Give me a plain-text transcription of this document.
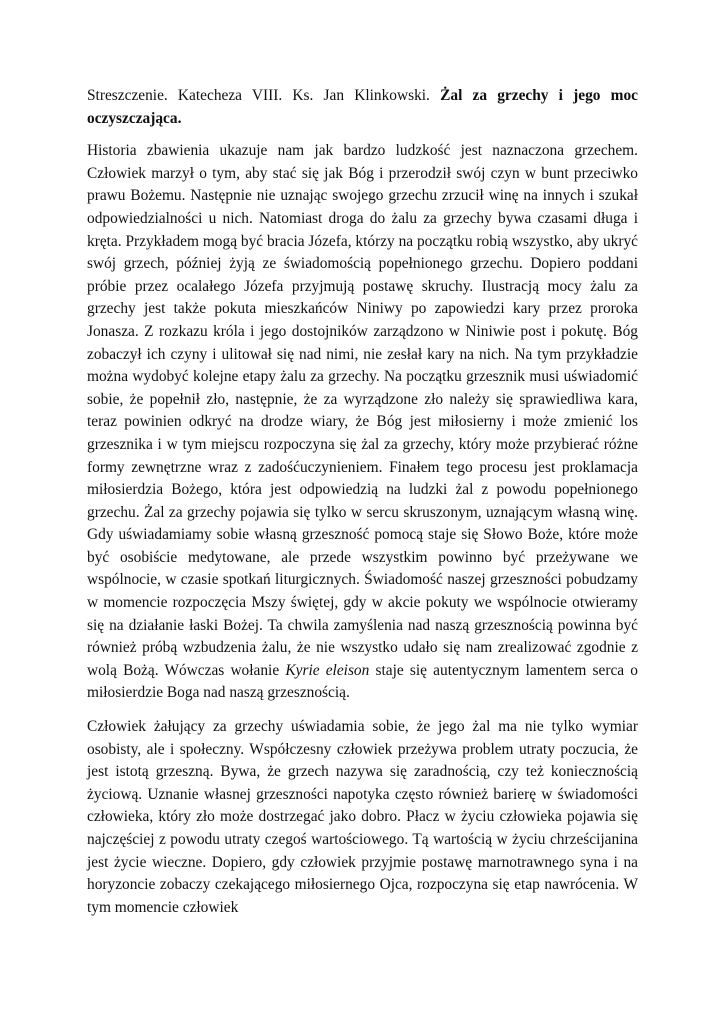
Streszczenie. Katecheza VIII. Ks. Jan Klinkowski. Żal za grzechy i jego moc oczyszczająca.

Historia zbawienia ukazuje nam jak bardzo ludzkość jest naznaczona grzechem. Człowiek marzył o tym, aby stać się jak Bóg i przerodził swój czyn w bunt przeciwko prawu Bożemu. Następnie nie uznając swojego grzechu zrzucił winę na innych i szukał odpowiedzialności u nich. Natomiast droga do żalu za grzechy bywa czasami długa i kręta. Przykładem mogą być bracia Józefa, którzy na początku robią wszystko, aby ukryć swój grzech, później żyją ze świadomością popełnionego grzechu. Dopiero poddani próbie przez ocalałego Józefa przyjmują postawę skruchy. Ilustracją mocy żalu za grzechy jest także pokuta mieszkańców Niniwy po zapowiedzi kary przez proroka Jonasza. Z rozkazu króla i jego dostojników zarządzono w Niniwie post i pokutę. Bóg zobaczył ich czyny i ulitował się nad nimi, nie zesłał kary na nich. Na tym przykładzie można wydobyć kolejne etapy żalu za grzechy. Na początku grzesznik musi uświadomić sobie, że popełnił zło, następnie, że za wyrządzone zło należy się sprawiedliwa kara, teraz powinien odkryć na drodze wiary, że Bóg jest miłosierny i może zmienić los grzesznika i w tym miejscu rozpoczyna się żal za grzechy, który może przybierać różne formy zewnętrzne wraz z zadośćuczynieniem. Finałem tego procesu jest proklamacja miłosierdzia Bożego, która jest odpowiedzią na ludzki żal z powodu popełnionego grzechu. Żal za grzechy pojawia się tylko w sercu skruszonym, uznającym własną winę. Gdy uświadamiamy sobie własną grzeszność pomocą staje się Słowo Boże, które może być osobiście medytowane, ale przede wszystkim powinno być przeżywane we wspólnocie, w czasie spotkań liturgicznych. Świadomość naszej grzeszności pobudzamy w momencie rozpoczęcia Mszy świętej, gdy w akcie pokuty we wspólnocie otwieramy się na działanie łaski Bożej. Ta chwila zamyślenia nad naszą grzesznością powinna być również próbą wzbudzenia żalu, że nie wszystko udało się nam zrealizować zgodnie z wolą Bożą. Wówczas wołanie Kyrie eleison staje się autentycznym lamentem serca o miłosierdzie Boga nad naszą grzesznością.

Człowiek żałujący za grzechy uświadamia sobie, że jego żal ma nie tylko wymiar osobisty, ale i społeczny. Współczesny człowiek przeżywa problem utraty poczucia, że jest istotą grzeszną. Bywa, że grzech nazywa się zaradnością, czy też koniecznością życiową. Uznanie własnej grzeszności napotyka często również barierę w świadomości człowieka, który zło może dostrzegać jako dobro. Płacz w życiu człowieka pojawia się najczęściej z powodu utraty czegoś wartościowego. Tą wartością w życiu chrześcijanina jest życie wieczne. Dopiero, gdy człowiek przyjmie postawę marnotrawnego syna i na horyzoncie zobaczy czekającego miłosiernego Ojca, rozpoczyna się etap nawrócenia. W tym momencie człowiek
